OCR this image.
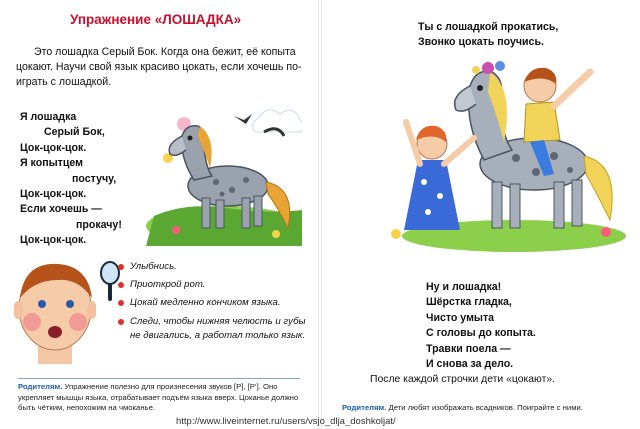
Упражнение «ЛОШАДКА»

Это лошадка Серый Бок. Когда она бежит, её копыта цокают. Научи свой язык красиво цокать, если хочешь по-играть с лошадкой.

Я лошадка
Серый Бок,
Цок-цок-цок.
Я копытцем
постучу,
Цок-цок-цок.
Если хочешь —
прокачу!
Цок-цок-цок.
Улыбнись.
Приоткрой рот.
Цокай медленно кончиком языка.
Следи, чтобы нижняя челюсть и губы не двигались, а работал только язык.
Родителям. Упражнение полезно для произнесения звуков [Р], [Р’]. Оно укрепляет мышцы языка, отрабатывает подъём языка вверх. Цоканье должно быть чётким, непохожим на чмоканье.
Ты с лошадкой прокатись,
Звонко цокать поучись.
Ну и лошадка!
Шёрстка гладка,
Чисто умыта
С головы до копыта.
Травки поела —
И снова за дело.
После каждой строчки дети «цокают».
Родителям. Дети любят изображать всадников. Поиграйте с ними.
http://www.liveinternet.ru/users/vsjo_dlja_doshkoljat/
